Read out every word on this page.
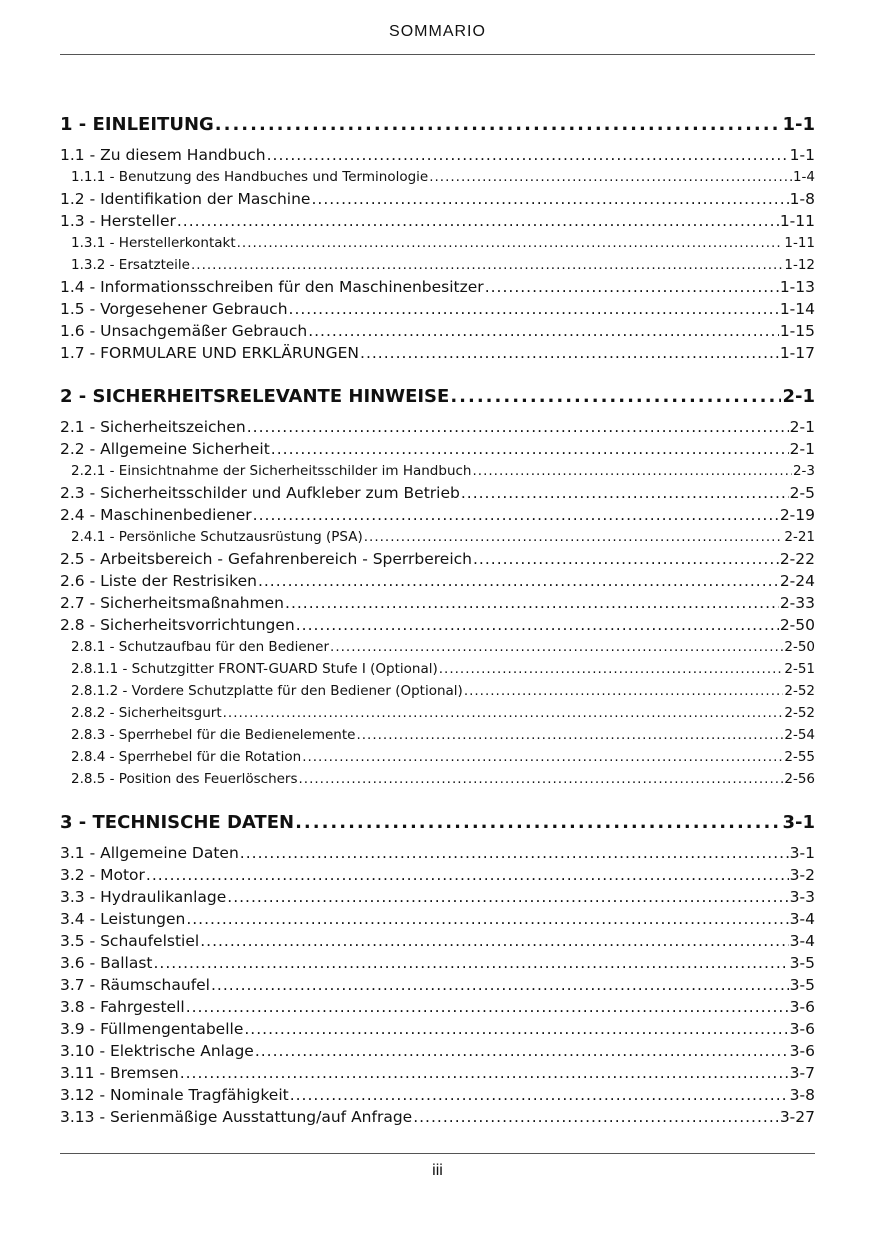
SOMMARIO
1 - EINLEITUNG .....	1-1
1.1 - Zu diesem Handbuch .....	1-1
1.1.1 - Benutzung des Handbuches und Terminologie .....	1-4
1.2 - Identifikation der Maschine .....	1-8
1.3 - Hersteller .....	1-11
1.3.1 - Herstellerkontakt .....	1-11
1.3.2 - Ersatzteile .....	1-12
1.4 - Informationsschreiben für den Maschinenbesitzer .....	1-13
1.5 - Vorgesehener Gebrauch .....	1-14
1.6 - Unsachgemäßer Gebrauch .....	1-15
1.7 - FORMULARE UND ERKLÄRUNGEN .....	1-17
2 - SICHERHEITSRELEVANTE HINWEISE .....	2-1
2.1 - Sicherheitszeichen .....	2-1
2.2 - Allgemeine Sicherheit .....	2-1
2.2.1 - Einsichtnahme der Sicherheitsschilder im Handbuch .....	2-3
2.3 - Sicherheitsschilder und Aufkleber zum Betrieb .....	2-5
2.4 - Maschinenbediener .....	2-19
2.4.1 - Persönliche Schutzausrüstung (PSA) .....	2-21
2.5 - Arbeitsbereich - Gefahrenbereich - Sperrbereich .....	2-22
2.6 - Liste der Restrisiken .....	2-24
2.7 - Sicherheitsmaßnahmen .....	2-33
2.8 - Sicherheitsvorrichtungen .....	2-50
2.8.1 - Schutzaufbau für den Bediener .....	2-50
2.8.1.1 - Schutzgitter FRONT-GUARD Stufe I (Optional) .....	2-51
2.8.1.2 - Vordere Schutzplatte für den Bediener (Optional) .....	2-52
2.8.2 - Sicherheitsgurt .....	2-52
2.8.3 - Sperrhebel für die Bedienelemente .....	2-54
2.8.4 - Sperrhebel für die Rotation .....	2-55
2.8.5 - Position des Feuerlöschers .....	2-56
3 - TECHNISCHE DATEN .....	3-1
3.1 - Allgemeine Daten .....	3-1
3.2 - Motor .....	3-2
3.3 - Hydraulikanlage .....	3-3
3.4 - Leistungen .....	3-4
3.5 - Schaufelstiel .....	3-4
3.6 - Ballast .....	3-5
3.7 - Räumschaufel .....	3-5
3.8 - Fahrgestell .....	3-6
3.9 - Füllmengentabelle .....	3-6
3.10 - Elektrische Anlage .....	3-6
3.11 - Bremsen .....	3-7
3.12 - Nominale Tragfähigkeit .....	3-8
3.13 - Serienmäßige Ausstattung/auf Anfrage .....	3-27
iii
